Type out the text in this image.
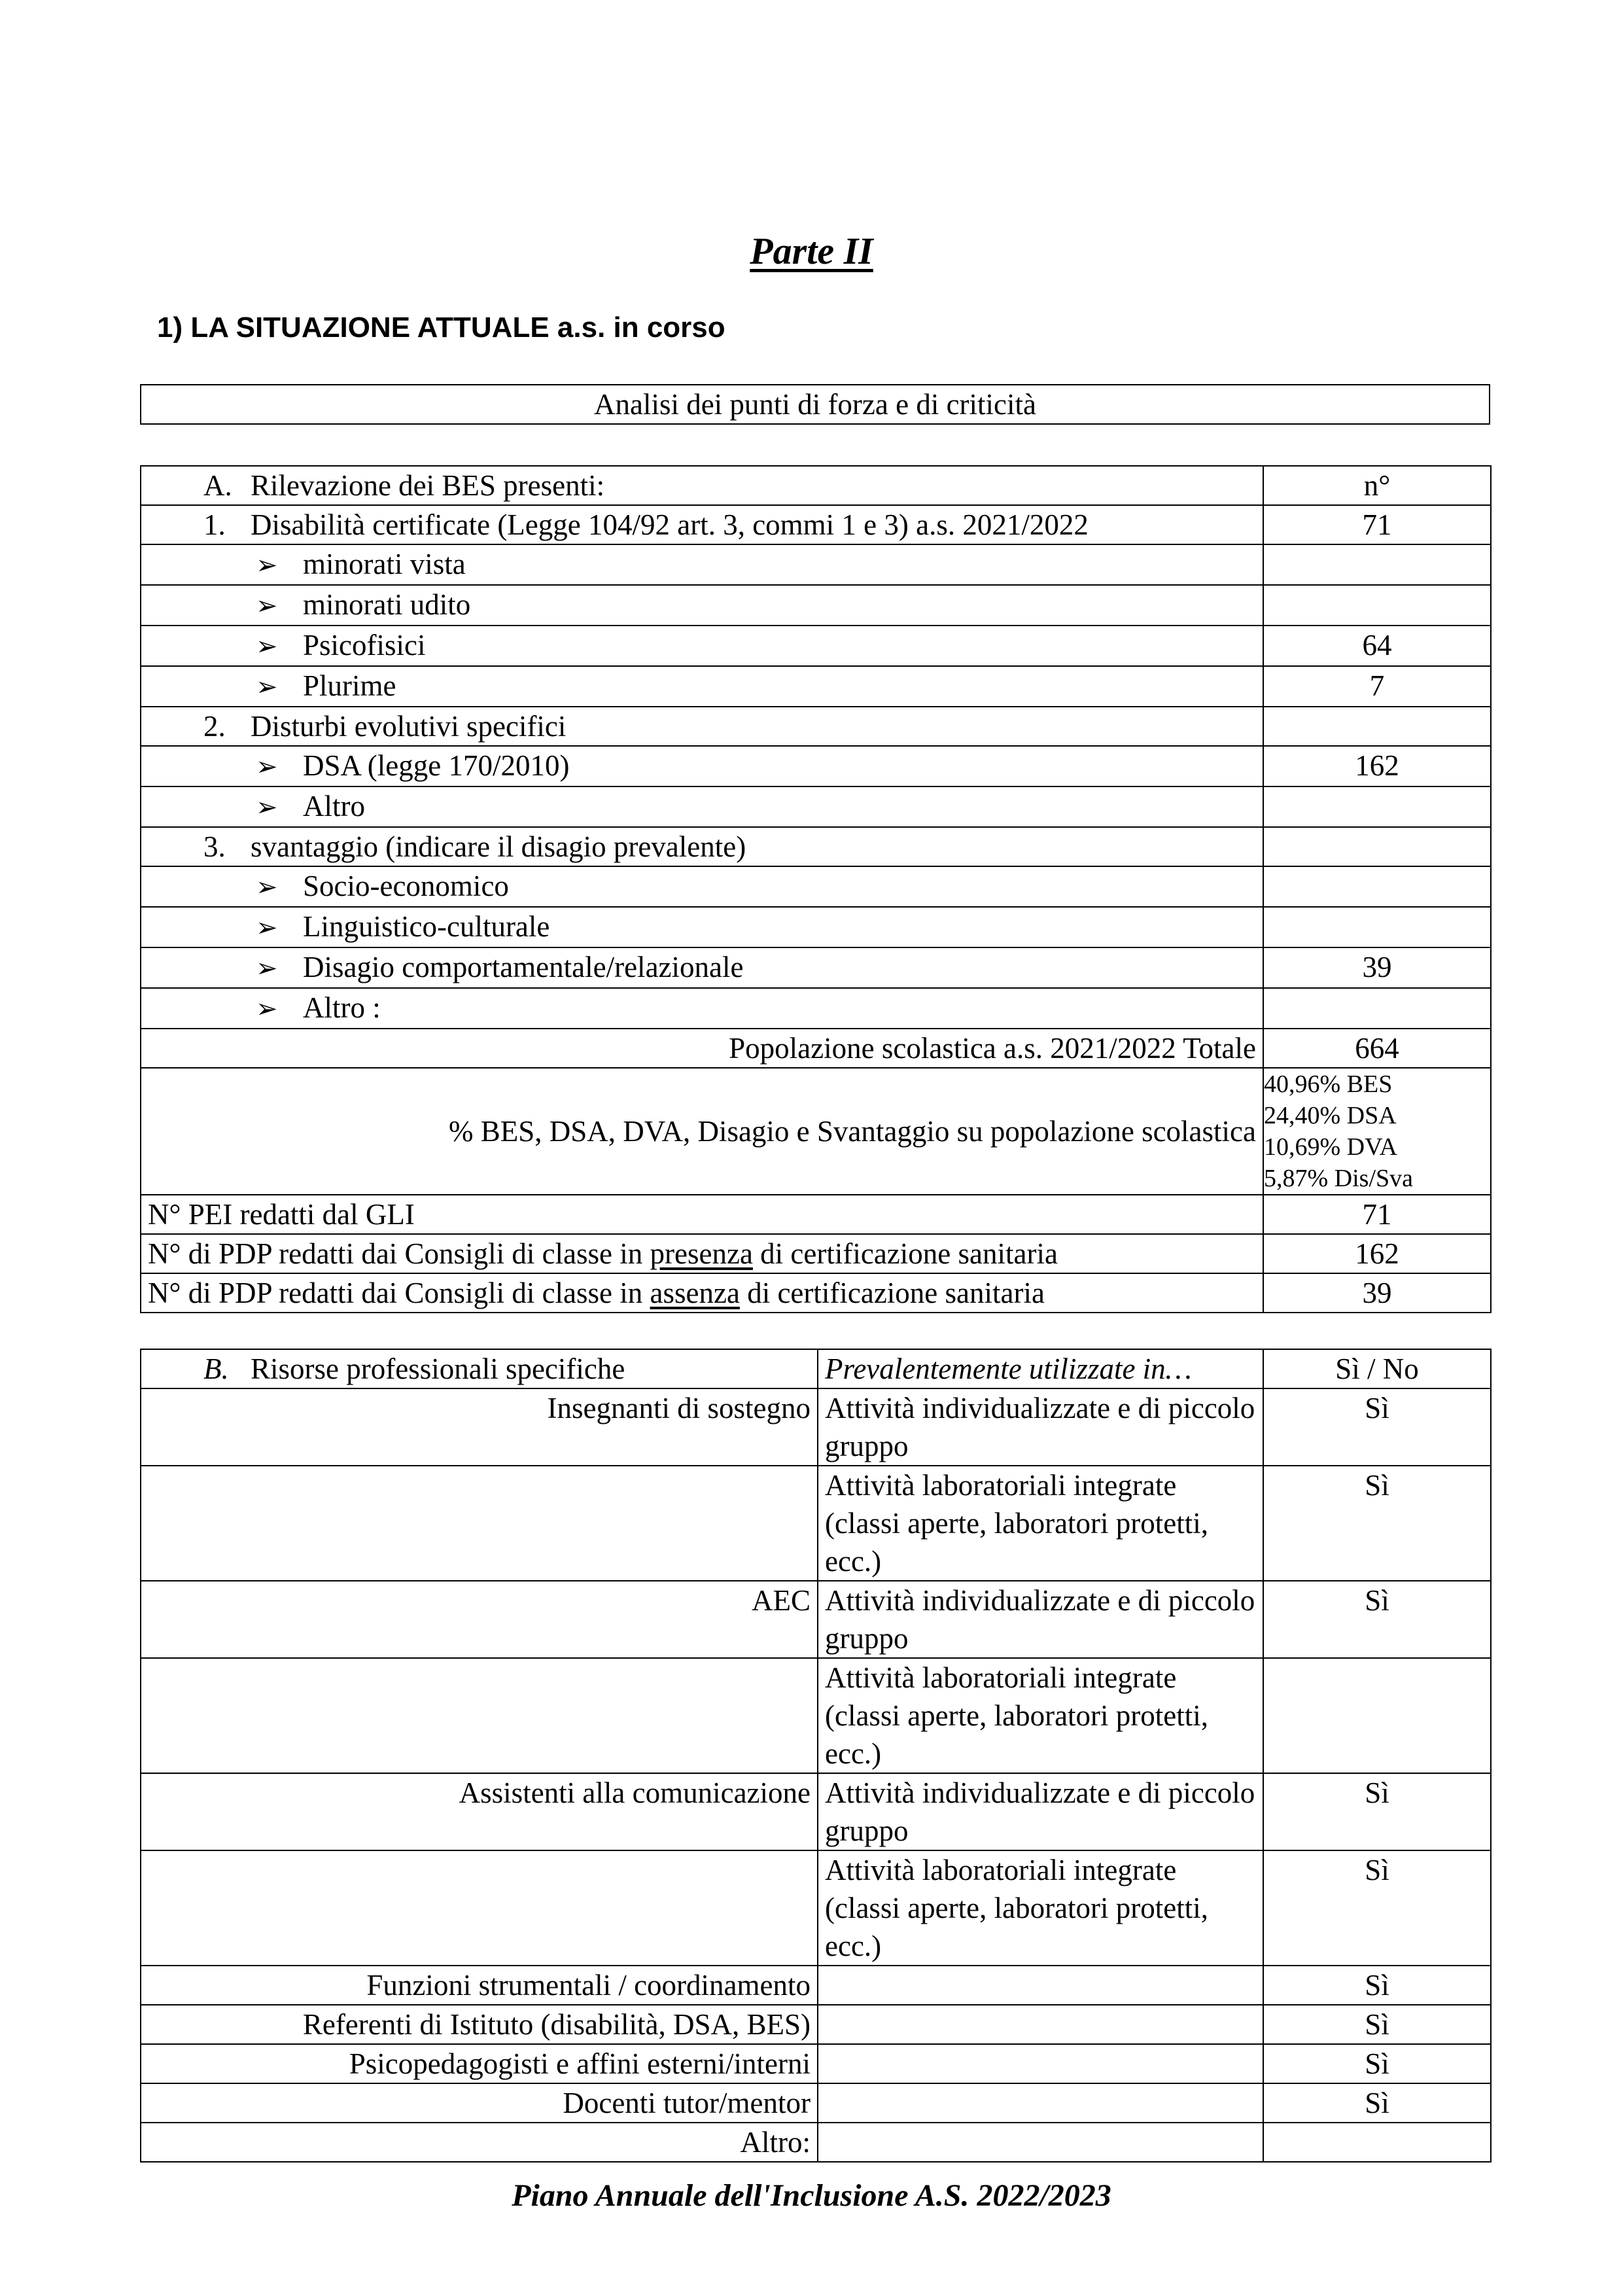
Parte II
1) LA SITUAZIONE ATTUALE a.s. in corso
Analisi dei punti di forza e di criticità
A. Rilevazione dei BES presenti:	n°
1. Disabilità certificate (Legge 104/92 art. 3, commi 1 e 3) a.s. 2021/2022	71
➢ minorati vista	
➢ minorati udito	
➢ Psicofisici	64
➢ Plurime	7
2. Disturbi evolutivi specifici	
➢ DSA (legge 170/2010)	162
➢ Altro	
3. svantaggio (indicare il disagio prevalente)	
➢ Socio-economico	
➢ Linguistico-culturale	
➢ Disagio comportamentale/relazionale	39
➢ Altro :	
Popolazione scolastica a.s. 2021/2022 Totale	664
% BES, DSA, DVA, Disagio e Svantaggio su popolazione scolastica	40,96% BES
24,40% DSA
10,69% DVA
5,87% Dis/Sva

N° PEI redatti dal GLI	71
N° di PDP redatti dai Consigli di classe in presenza di certificazione sanitaria	162
N° di PDP redatti dai Consigli di classe in assenza di certificazione sanitaria	39
B. Risorse professionali specifiche	Prevalentemente utilizzate in…	Sì / No
Insegnanti di sostegno	Attività individualizzate e di piccolo gruppo	Sì
	Attività laboratoriali integrate (classi aperte, laboratori protetti, ecc.)	Sì
AEC	Attività individualizzate e di piccolo gruppo	Sì
	Attività laboratoriali integrate (classi aperte, laboratori protetti, ecc.)	
Assistenti alla comunicazione	Attività individualizzate e di piccolo gruppo	Sì
	Attività laboratoriali integrate (classi aperte, laboratori protetti, ecc.)	Sì
Funzioni strumentali / coordinamento		Sì
Referenti di Istituto (disabilità, DSA, BES)		Sì
Psicopedagogisti e affini esterni/interni		Sì
Docenti tutor/mentor		Sì
Altro:		
Piano Annuale dell'Inclusione A.S. 2022/2023
